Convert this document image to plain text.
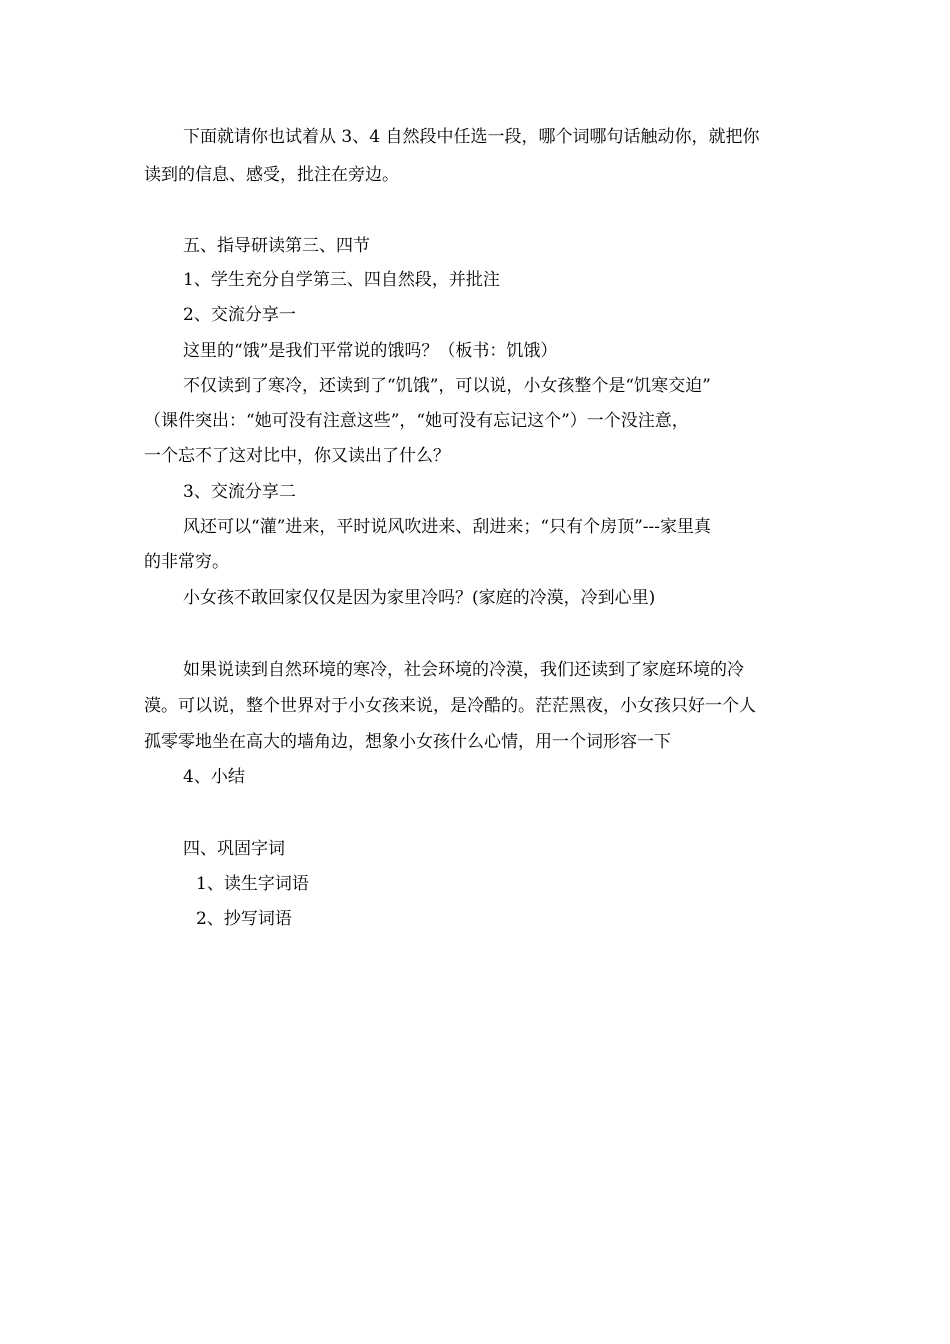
下面就请你也试着从 3、4 自然段中任选一段，哪个词哪句话触动你，就把你
读到的信息、感受，批注在旁边。
五、指导研读第三、四节
1、学生充分自学第三、四自然段，并批注
2、交流分享一
这里的“饿”是我们平常说的饿吗？（板书：饥饿）
不仅读到了寒冷，还读到了“饥饿”，可以说，小女孩整个是“饥寒交迫”
（课件突出：“她可没有注意这些”，“她可没有忘记这个”）一个没注意，
一个忘不了这对比中，你又读出了什么？
3、交流分享二
风还可以“灌”进来，平时说风吹进来、刮进来；“只有个房顶”---家里真
的非常穷。
小女孩不敢回家仅仅是因为家里冷吗？(家庭的冷漠，冷到心里)
如果说读到自然环境的寒冷，社会环境的冷漠，我们还读到了家庭环境的冷
漠。可以说，整个世界对于小女孩来说，是冷酷的。茫茫黑夜，小女孩只好一个人
孤零零地坐在高大的墙角边，想象小女孩什么心情，用一个词形容一下
4、小结
四、巩固字词
1、读生字词语
2、抄写词语
